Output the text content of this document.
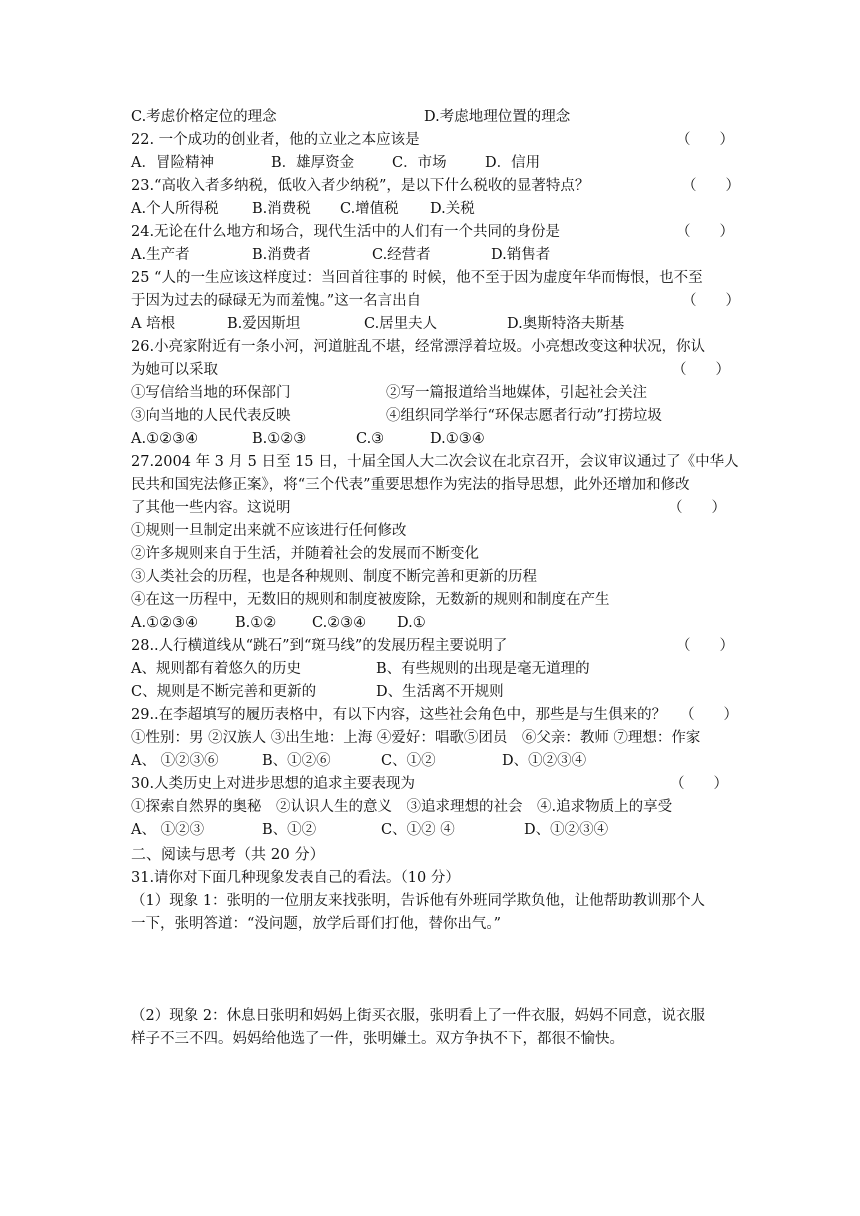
C.考虑价格定位的理念	D.考虑地理位置的理念
22. 一个成功的创业者，他的立业之本应该是	（　　）
A．冒险精神	B．雄厚资金	C．市场	D．信用
23.“高收入者多纳税，低收入者少纳税”，是以下什么税收的显著特点？	（　　）
A.个人所得税 B.消费税 C.增值税 D.关税
24.无论在什么地方和场合，现代生活中的人们有一个共同的身份是	（　　）
A.生产者	B.消费者	C.经营者	D.销售者
25 “人的一生应该这样度过：当回首往事的 时候，他不至于因为虚度年华而悔恨，也不至
于因为过去的碌碌无为而羞愧。”这一名言出自	（　　）
A 培根	B.爱因斯坦	C.居里夫人	D.奥斯特洛夫斯基
26.小亮家附近有一条小河，河道脏乱不堪，经常漂浮着垃圾。小亮想改变这种状况，你认
为她可以采取	（　　）
①写信给当地的环保部门	②写一篇报道给当地媒体，引起社会关注
③向当地的人民代表反映	④组织同学举行“环保志愿者行动”打捞垃圾
A.①②③④	B.①②③	C.③	D.①③④
27.2004 年 3 月 5 日至 15 日，十届全国人大二次会议在北京召开，会议审议通过了《中华人
民共和国宪法修正案》，将“三个代表”重要思想作为宪法的指导思想，此外还增加和修改
了其他一些内容。这说明	（　　）
①规则一旦制定出来就不应该进行任何修改
②许多规则来自于生活，并随着社会的发展而不断变化
③人类社会的历程，也是各种规则、制度不断完善和更新的历程
④在这一历程中，无数旧的规则和制度被废除，无数新的规则和制度在产生
A.①②③④	B.①② C.②③④ D.①
28..人行横道线从“跳石”到“斑马线”的发展历程主要说明了	（　　）
A、规则都有着悠久的历史	B、有些规则的出现是毫无道理的
C、规则是不断完善和更新的	D、生活离不开规则
29..在李超填写的履历表格中，有以下内容，这些社会角色中，那些是与生俱来的？ （　　）
①性别：男 ②汉族人 ③出生地：上海 ④爱好：唱歌⑤团员　⑥父亲：教师 ⑦理想：作家
A、 ①②③⑥	B、①②⑥	C、①②	D、①②③④
30.人类历史上对进步思想的追求主要表现为	（　　）
①探索自然界的奥秘　②认识人生的意义　③追求理想的社会　④.追求物质上的享受
A、 ①②③	B、①②	C、①② ④	D、①②③④
二、阅读与思考（共 20 分）
31.请你对下面几种现象发表自己的看法。（10 分）
（1）现象 1：张明的一位朋友来找张明，告诉他有外班同学欺负他，让他帮助教训那个人
一下，张明答道：“没问题，放学后哥们打他，替你出气。”
（2）现象 2：休息日张明和妈妈上街买衣服，张明看上了一件衣服，妈妈不同意，说衣服
样子不三不四。妈妈给他选了一件，张明嫌土。双方争执不下，都很不愉快。
